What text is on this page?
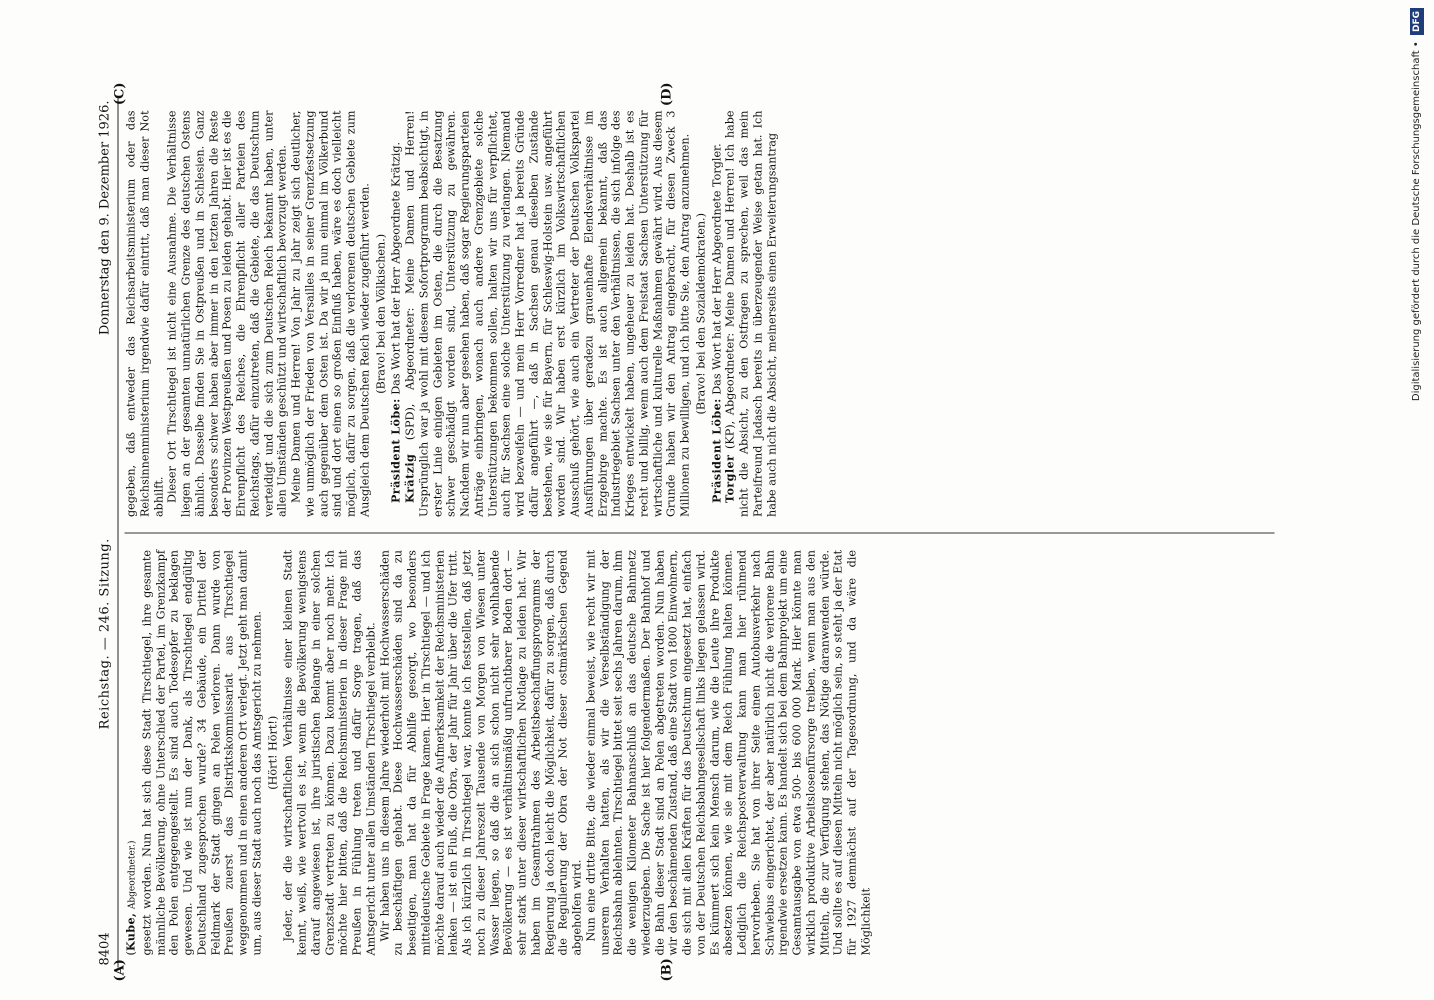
8404
Reichstag. — 246. Sitzung.
Donnerstag den 9. Dezember 1926.
(A)	(B)
(C)	(D)

(Kube, Abgeordneter.) gesetzt worden. Nun hat sich diese Stadt Tirschtiegel, ihre gesamte männliche Bevölkerung, ohne Unterschied der Partei, im Grenzkampf den Polen entgegengestellt. Es sind auch Todesopfer zu beklagen gewesen. Und wie ist nun der Dank, als Tirschtiegel endgültig Deutschland zugesprochen wurde? 34 Gebäude, ein Drittel der Feldmark der Stadt gingen an Polen verloren. Dann wurde von Preußen zuerst das Distriktskommissariat aus Tirschtiegel weggenommen und in einen anderen Ort verlegt. Jetzt geht man damit um, aus dieser Stadt auch noch das Amtsgericht zu nehmen. (Hört! Hört!) Jeder, der die wirtschaftlichen Verhältnisse einer kleinen Stadt kennt, weiß, wie wertvoll es ist, wenn die Bevölkerung wenigstens darauf angewiesen ist, ihre juristischen Belange in einer solchen Grenzstadt vertreten zu können. Dazu kommt aber noch mehr. Ich möchte hier bitten, daß die Reichsministerien in dieser Frage mit Preußen in Fühlung treten und dafür Sorge tragen, daß das Amtsgericht unter allen Umständen Tirschtiegel verbleibt. Wir haben uns in diesem Jahre wiederholt mit Hochwasserschäden zu beschäftigen gehabt. Diese Hochwasserschäden sind da zu beseitigen, man hat da für Abhilfe gesorgt, wo besonders mitteldeutsche Gebiete in Frage kamen. Hier in Tirschtiegel — und ich möchte darauf auch wieder die Aufmerksamkeit der Reichsministerien lenken — ist ein Fluß, die Obra, der Jahr für Jahr über die Ufer tritt. Als ich kürzlich in Tirschtiegel war, konnte ich feststellen, daß jetzt noch zu dieser Jahreszeit Tausende von Morgen von Wiesen unter Wasser liegen, so daß die an sich schon nicht sehr wohlhabende Bevölkerung — es ist verhältnismäßig unfruchtbarer Boden dort — sehr stark unter dieser wirtschaftlichen Notlage zu leiden hat. Wir haben im Gesamtrahmen des Arbeitsbeschaffungsprogramms der Regierung ja doch leicht die Möglichkeit, dafür zu sorgen, daß durch die Regulierung der Obra der Not dieser ostmärkischen Gegend abgeholfen wird. Nun eine dritte Bitte, die wieder einmal beweist, wie recht wir mit unserem Verhalten hatten, als wir die Verselbständigung der Reichsbahn ablehnten. Tirschtiegel bittet seit sechs Jahren darum, ihm die wenigen Kilometer Bahnanschluß an das deutsche Bahnnetz wiederzugeben. Die Sache ist hier folgendermaßen. Der Bahnhof und die Bahn dieser Stadt sind an Polen abgetreten worden. Nun haben wir den beschämenden Zustand, daß eine Stadt von 1800 Einwohnern, die sich mit allen Kräften für das Deutschtum eingesetzt hat, einfach von der Deutschen Reichsbahngesellschaft links liegen gelassen wird. Es kümmert sich kein Mensch darum, wie die Leute ihre Produkte absetzen können, wie sie mit dem Reich Fühlung halten können. Lediglich die Reichspostverwaltung kann man hier rühmend hervorheben. Sie hat von ihrer Seite einen Autobusverkehr nach Schwiebus eingerichtet, der aber natürlich nicht die verlorene Bahn irgendwie ersetzen kann. Es handelt sich bei dem Bahnprojekt um eine Gesamtausgabe von etwa 500- bis 600 000 Mark. Hier könnte man wirklich produktive Arbeitslosenfürsorge treiben, wenn man aus den Mitteln, die zur Verfügung stehen, das Nötige daranwenden würde. Und sollte es auf diesen Mitteln nicht möglich sein, so steht ja der Etat für 1927 demnächst auf der Tagesordnung, und da wäre die Möglichkeit

gegeben, daß entweder das Reichsarbeitsministerium oder das Reichsinnenministerium irgendwie dafür eintritt, daß man dieser Not abhilft. Dieser Ort Tirschtiegel ist nicht eine Ausnahme. Die Verhältnisse liegen an der gesamten unnatürlichen Grenze des deutschen Ostens ähnlich. Dasselbe finden Sie in Ostpreußen und in Schlesien. Ganz besonders schwer haben aber immer in den letzten Jahren die Reste der Provinzen Westpreußen und Posen zu leiden gehabt. Hier ist es die Ehrenpflicht des Reiches, die Ehrenpflicht aller Parteien des Reichstags, dafür einzutreten, daß die Gebiete, die das Deutschtum verteidigt und die sich zum Deutschen Reich bekannt haben, unter allen Umständen geschützt und wirtschaftlich bevorzugt werden. Meine Damen und Herren! Von Jahr zu Jahr zeigt sich deutlicher, wie unmöglich der Frieden von Versailles in seiner Grenzfestsetzung auch gegenüber dem Osten ist. Da wir ja nun einmal im Völkerbund sind und dort einen so großen Einfluß haben, wäre es doch vielleicht möglich, dafür zu sorgen, daß die verlorenen deutschen Gebiete zum Ausgleich dem Deutschen Reich wieder zugeführt werden. (Bravo! bei den Völkischen.)

Präsident Löbe: Das Wort hat der Herr Abgeordnete Krätzig.

Krätzig (SPD), Abgeordneter: Meine Damen und Herren! Ursprünglich war ja wohl mit diesem Sofortprogramm beabsichtigt, in erster Linie einigen Gebieten im Osten, die durch die Besatzung schwer geschädigt worden sind, Unterstützung zu gewähren. Nachdem wir nun aber gesehen haben, daß sogar Regierungsparteien Anträge einbringen, wonach auch andere Grenzgebiete solche Unterstützungen bekommen sollen, halten wir uns für verpflichtet, auch für Sachsen eine solche Unterstützung zu verlangen. Niemand wird bezweifeln — und mein Herr Vorredner hat ja bereits Gründe dafür angeführt —, daß in Sachsen genau dieselben Zustände bestehen, wie sie für Bayern, für Schleswig-Holstein usw. angeführt worden sind. Wir haben erst kürzlich im Volkswirtschaftlichen Ausschuß gehört, wie auch ein Vertreter der Deutschen Volkspartei Ausführungen über geradezu grauenhafte Elendsverhältnisse im Erzgebirge machte. Es ist auch allgemein bekannt, daß das Industriegebiet Sachsen unter den Verhältnissen, die sich infolge des Krieges entwickelt haben, ungeheuer zu leiden hat. Deshalb ist es recht und billig, wenn auch dem Freistaat Sachsen Unterstützung für wirtschaftliche und kulturelle Maßnahmen gewährt wird. Aus diesem Grunde haben wir den Antrag eingebracht, für diesen Zweck 3 Millionen zu bewilligen, und ich bitte Sie, den Antrag anzunehmen. (Bravo! bei den Sozialdemokraten.)

Präsident Löbe: Das Wort hat der Herr Abgeordnete Torgler.

Torgler (KP), Abgeordneter: Meine Damen und Herren! Ich habe nicht die Absicht, zu den Ostfragen zu sprechen, weil das mein Parteifreund Jadasch bereits in überzeugender Weise getan hat. Ich habe auch nicht die Absicht, meinerseits einen Erweiterungsantrag	Digitalisierung gefördert durch die Deutsche Forschungsgemeinschaft • DFG
